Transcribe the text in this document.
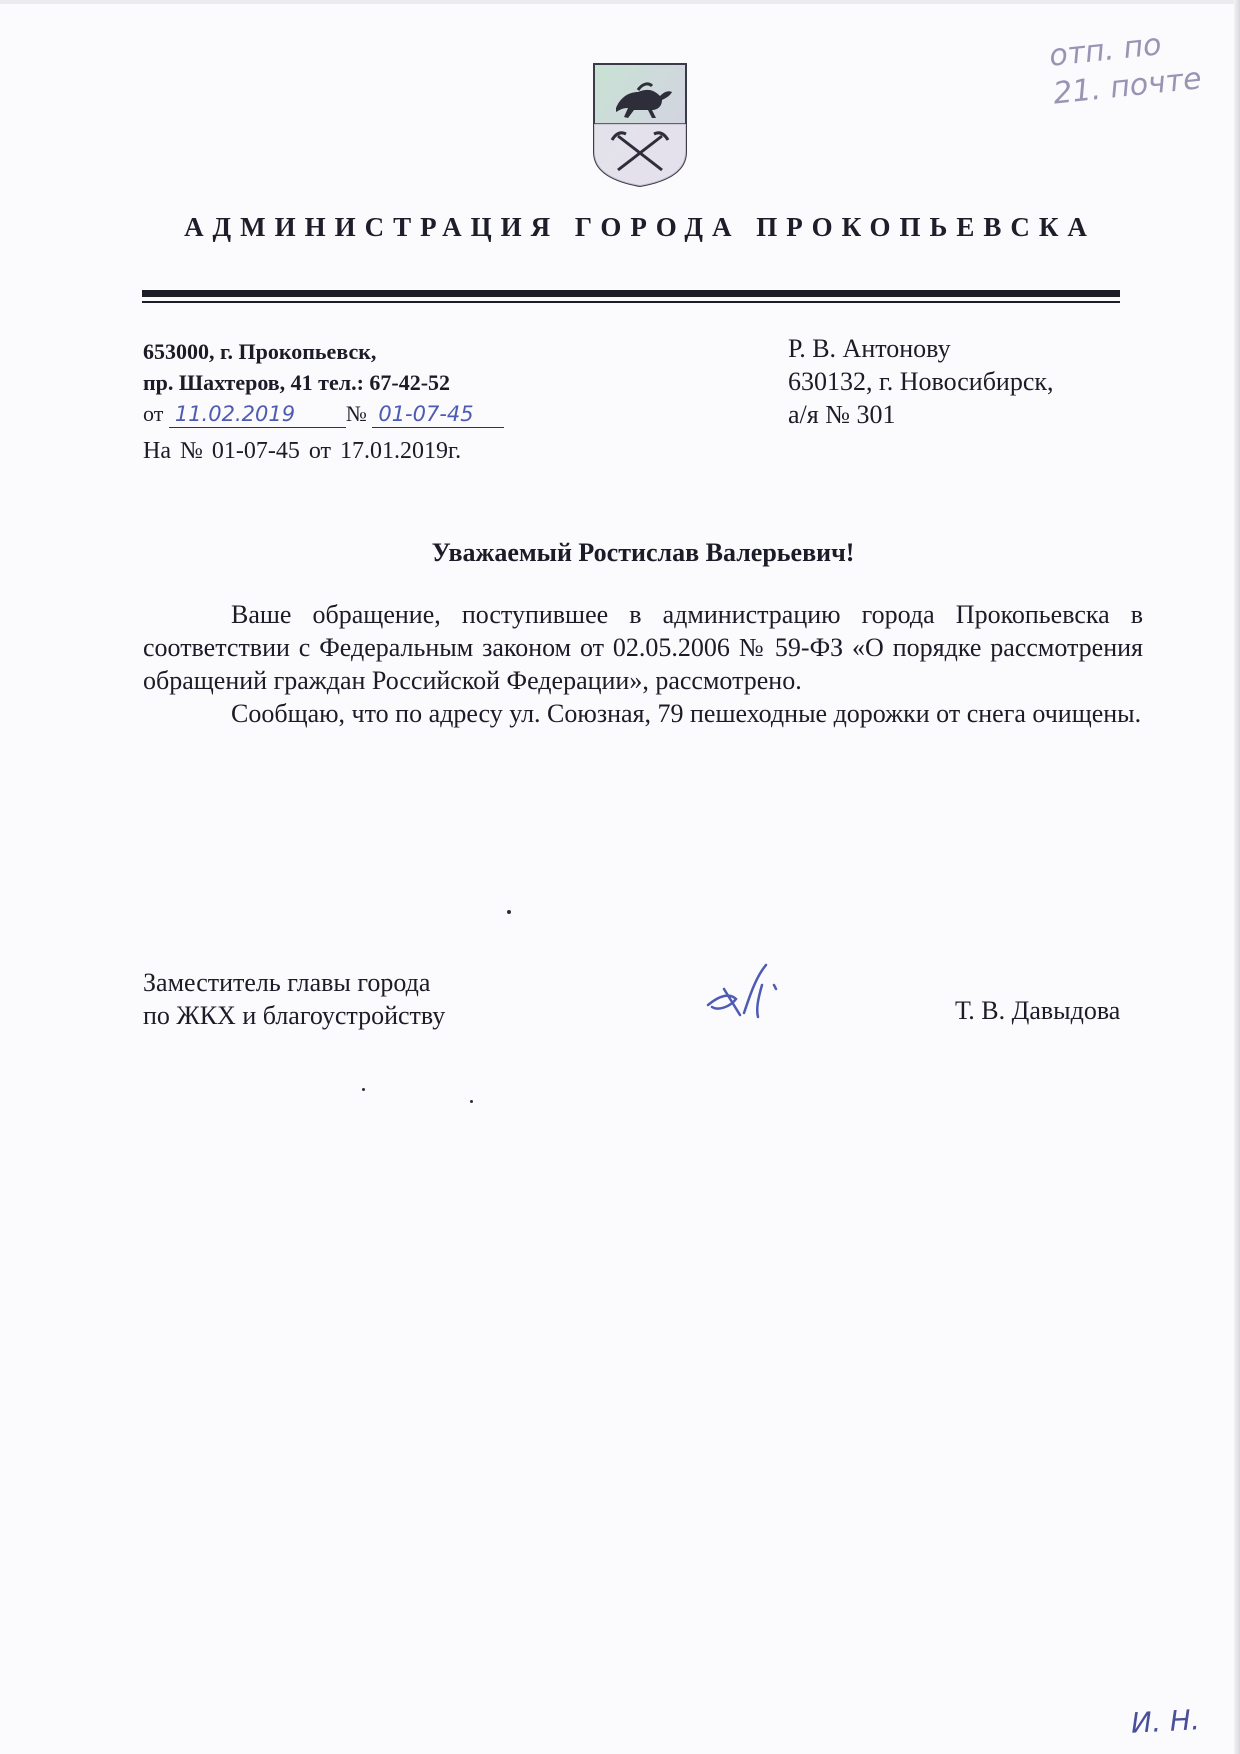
отп. по
21. почте
АДМИНИСТРАЦИЯ ГОРОДА ПРОКОПЬЕВСКА
653000, г. Прокопьевск,
пр. Шахтеров, 41 тел.: 67-42-52
от 11.02.2019 № 01-07-45
На № 01-07-45 от 17.01.2019г.
Р. В. Антонову
630132, г. Новосибирск,
а/я № 301
Уважаемый Ростислав Валерьевич!

Ваше обращение, поступившее в администрацию города Прокопьевска в соответствии с Федеральным законом от 02.05.2006 № 59-ФЗ «О порядке рассмотрения обращений граждан Российской Федерации», рассмотрено.

Сообщаю, что по адресу ул. Союзная, 79 пешеходные дорожки от снега очищены.

Заместитель главы города
по ЖКХ и благоустройству	Т. В. Давыдова
И. Н.
